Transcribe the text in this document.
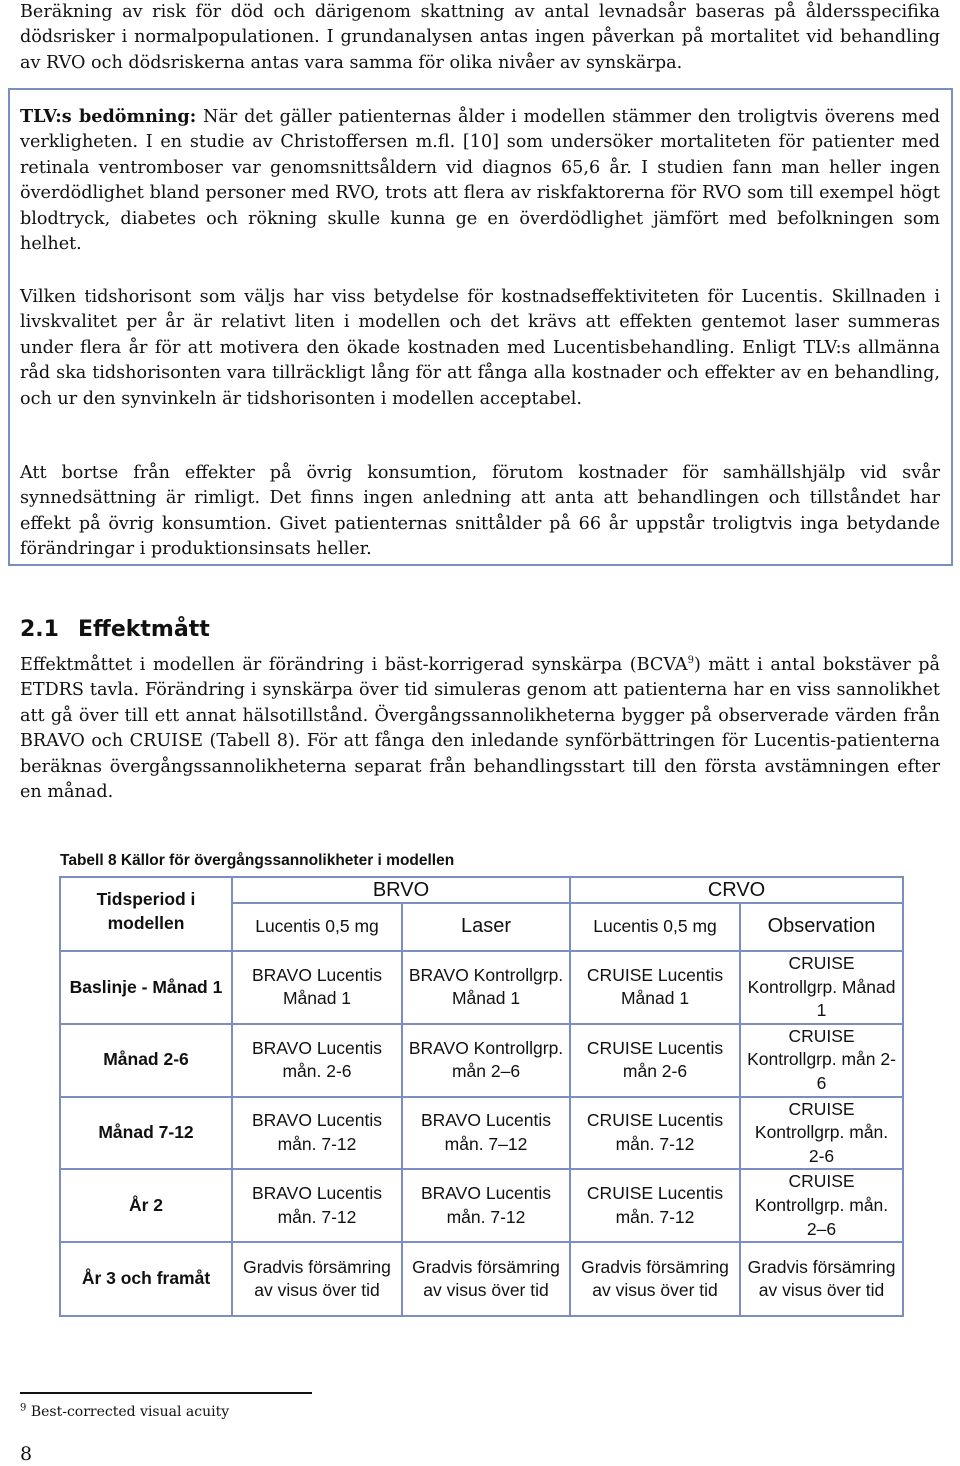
Beräkning av risk för död och därigenom skattning av antal levnadsår baseras på åldersspecifika dödsrisker i normalpopulationen. I grundanalysen antas ingen påverkan på mortalitet vid behandling av RVO och dödsriskerna antas vara samma för olika nivåer av synskärpa.

TLV:s bedömning: När det gäller patienternas ålder i modellen stämmer den troligtvis överens med verkligheten. I en studie av Christoffersen m.fl. [10] som undersöker mortaliteten för patienter med retinala ventromboser var genomsnittsåldern vid diagnos 65,6 år. I studien fann man heller ingen överdödlighet bland personer med RVO, trots att flera av riskfaktorerna för RVO som till exempel högt blodtryck, diabetes och rökning skulle kunna ge en överdödlighet jämfört med befolkningen som helhet.

Vilken tidshorisont som väljs har viss betydelse för kostnadseffektiviteten för Lucentis. Skillnaden i livskvalitet per år är relativt liten i modellen och det krävs att effekten gentemot laser summeras under flera år för att motivera den ökade kostnaden med Lucentisbehandling. Enligt TLV:s allmänna råd ska tidshorisonten vara tillräckligt lång för att fånga alla kostnader och effekter av en behandling, och ur den synvinkeln är tidshorisonten i modellen acceptabel.

Att bortse från effekter på övrig konsumtion, förutom kostnader för samhällshjälp vid svår synnedsättning är rimligt. Det finns ingen anledning att anta att behandlingen och tillståndet har effekt på övrig konsumtion. Givet patienternas snittålder på 66 år uppstår troligtvis inga betydande förändringar i produktionsinsats heller.

2.1 Effektmått

Effektmåttet i modellen är förändring i bäst-korrigerad synskärpa (BCVA$^9$) mätt i antal bokstäver på ETDRS tavla. Förändring i synskärpa över tid simuleras genom att patienterna har en viss sannolikhet att gå över till ett annat hälsotillstånd. Övergångssannolikheterna bygger på observerade värden från BRAVO och CRUISE (Tabell 8). För att fånga den inledande synförbättringen för Lucentis-patienterna beräknas övergångssannolikheterna separat från behandlingsstart till den första avstämningen efter en månad.

Tabell 8 Källor för övergångssannolikheter i modellen
Tidsperiod i modellen	BRVO		CRVO	
	Lucentis 0,5 mg	Laser	Lucentis 0,5 mg	Observation
Baslinje - Månad 1	BRAVO Lucentis Månad 1	BRAVO Kontrollgrp. Månad 1	CRUISE Lucentis Månad 1	CRUISE Kontrollgrp. Månad 1
Månad 2-6	BRAVO Lucentis mån. 2-6	BRAVO Kontrollgrp. mån 2–6	CRUISE Lucentis mån 2-6	CRUISE Kontrollgrp. mån 2-6
Månad 7-12	BRAVO Lucentis mån. 7-12	BRAVO Lucentis mån. 7–12	CRUISE Lucentis mån. 7-12	CRUISE Kontrollgrp. mån. 2-6
År 2	BRAVO Lucentis mån. 7-12	BRAVO Lucentis mån. 7-12	CRUISE Lucentis mån. 7-12	CRUISE Kontrollgrp. mån. 2–6
År 3 och framåt	Gradvis försämring av visus över tid	Gradvis försämring av visus över tid	Gradvis försämring av visus över tid	Gradvis försämring av visus över tid
$^9$ Best-corrected visual acuity
8
